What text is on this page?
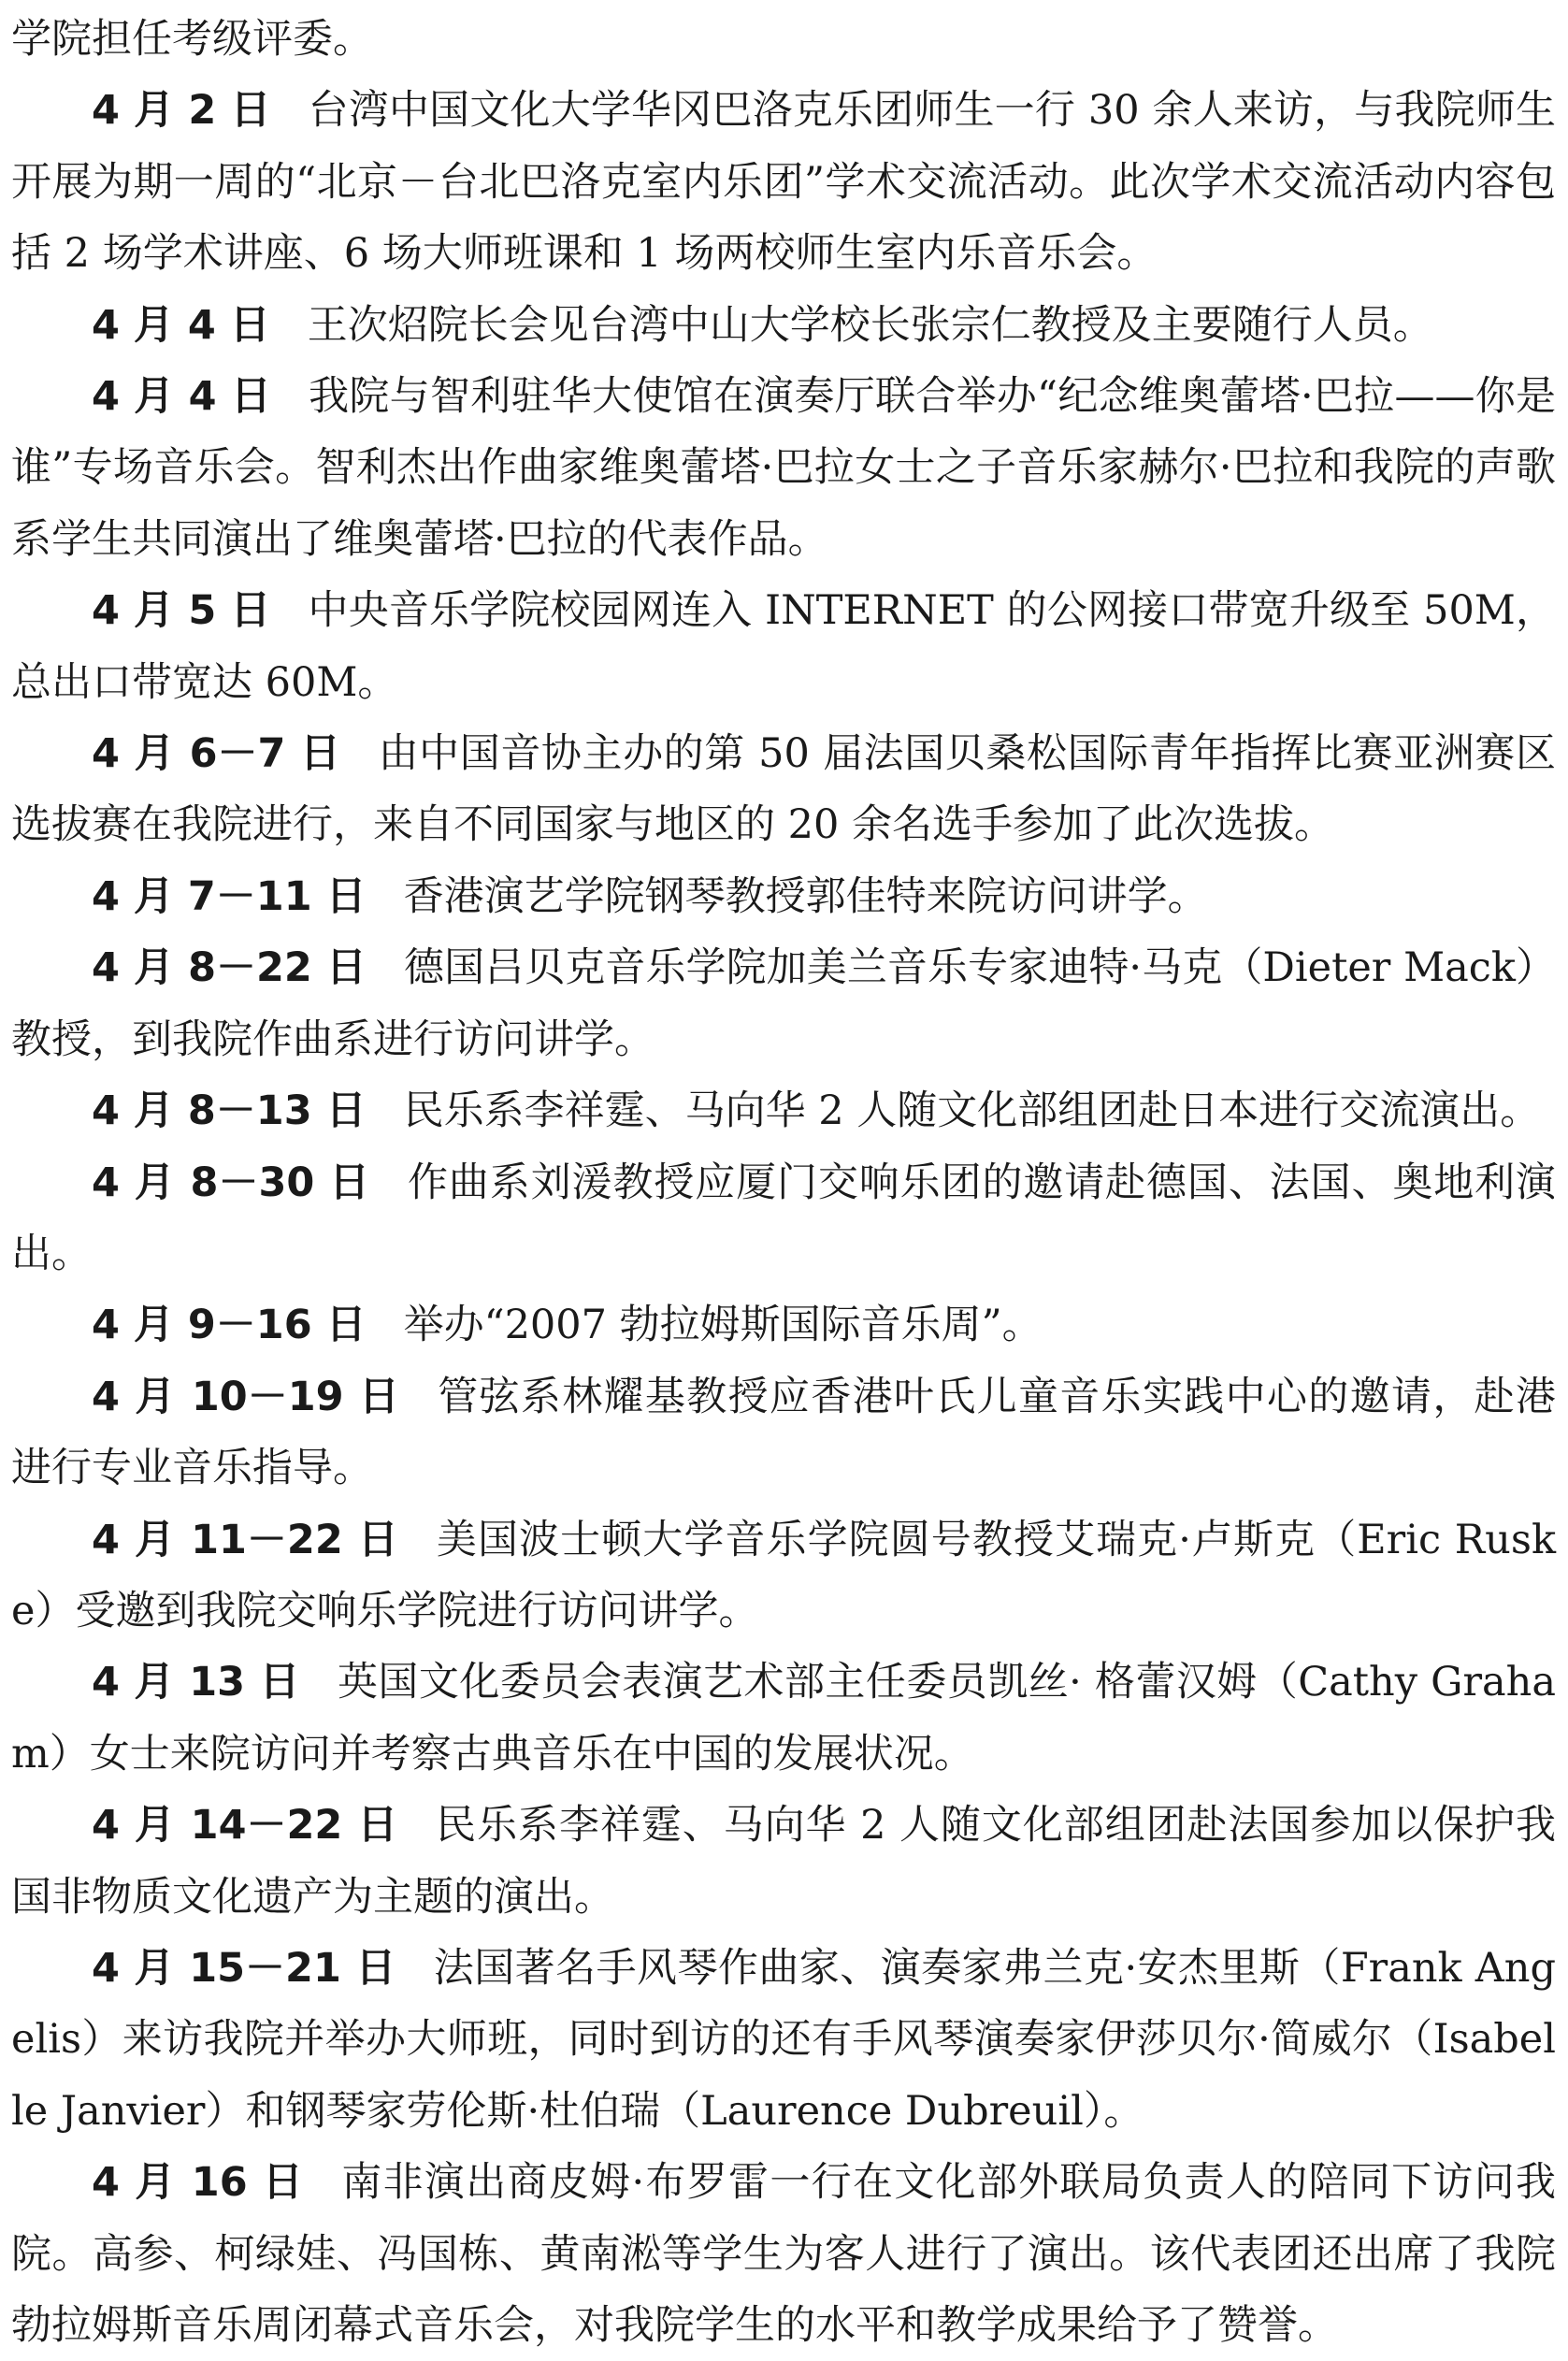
学院担任考级评委。

4 月 2 日 台湾中国文化大学华冈巴洛克乐团师生一行 30 余人来访，与我院师生开展为期一周的“北京－台北巴洛克室内乐团”学术交流活动。此次学术交流活动内容包括 2 场学术讲座、6 场大师班课和 1 场两校师生室内乐音乐会。

4 月 4 日 王次炤院长会见台湾中山大学校长张宗仁教授及主要随行人员。

4 月 4 日 我院与智利驻华大使馆在演奏厅联合举办“纪念维奥蕾塔·巴拉——你是谁”专场音乐会。智利杰出作曲家维奥蕾塔·巴拉女士之子音乐家赫尔·巴拉和我院的声歌系学生共同演出了维奥蕾塔·巴拉的代表作品。

4 月 5 日 中央音乐学院校园网连入 INTERNET 的公网接口带宽升级至 50M，总出口带宽达 60M。

4 月 6－7 日 由中国音协主办的第 50 届法国贝桑松国际青年指挥比赛亚洲赛区选拔赛在我院进行，来自不同国家与地区的 20 余名选手参加了此次选拔。

4 月 7－11 日 香港演艺学院钢琴教授郭佳特来院访问讲学。

4 月 8－22 日 德国吕贝克音乐学院加美兰音乐专家迪特·马克（Dieter Mack）教授，到我院作曲系进行访问讲学。

4 月 8－13 日 民乐系李祥霆、马向华 2 人随文化部组团赴日本进行交流演出。

4 月 8－30 日 作曲系刘湲教授应厦门交响乐团的邀请赴德国、法国、奥地利演出。

4 月 9－16 日 举办“2007 勃拉姆斯国际音乐周”。

4 月 10－19 日 管弦系林耀基教授应香港叶氏儿童音乐实践中心的邀请，赴港进行专业音乐指导。

4 月 11－22 日 美国波士顿大学音乐学院圆号教授艾瑞克·卢斯克（Eric Ruske）受邀到我院交响乐学院进行访问讲学。

4 月 13 日 英国文化委员会表演艺术部主任委员凯丝· 格蕾汉姆（Cathy Graham）女士来院访问并考察古典音乐在中国的发展状况。

4 月 14－22 日 民乐系李祥霆、马向华 2 人随文化部组团赴法国参加以保护我国非物质文化遗产为主题的演出。

4 月 15－21 日 法国著名手风琴作曲家、演奏家弗兰克·安杰里斯（Frank Angelis）来访我院并举办大师班，同时到访的还有手风琴演奏家伊莎贝尔·简威尔（Isabelle Janvier）和钢琴家劳伦斯·杜伯瑞（Laurence Dubreuil）。

4 月 16 日 南非演出商皮姆·布罗雷一行在文化部外联局负责人的陪同下访问我院。高参、柯绿娃、冯国栋、黄南淞等学生为客人进行了演出。该代表团还出席了我院勃拉姆斯音乐周闭幕式音乐会，对我院学生的水平和教学成果给予了赞誉。
